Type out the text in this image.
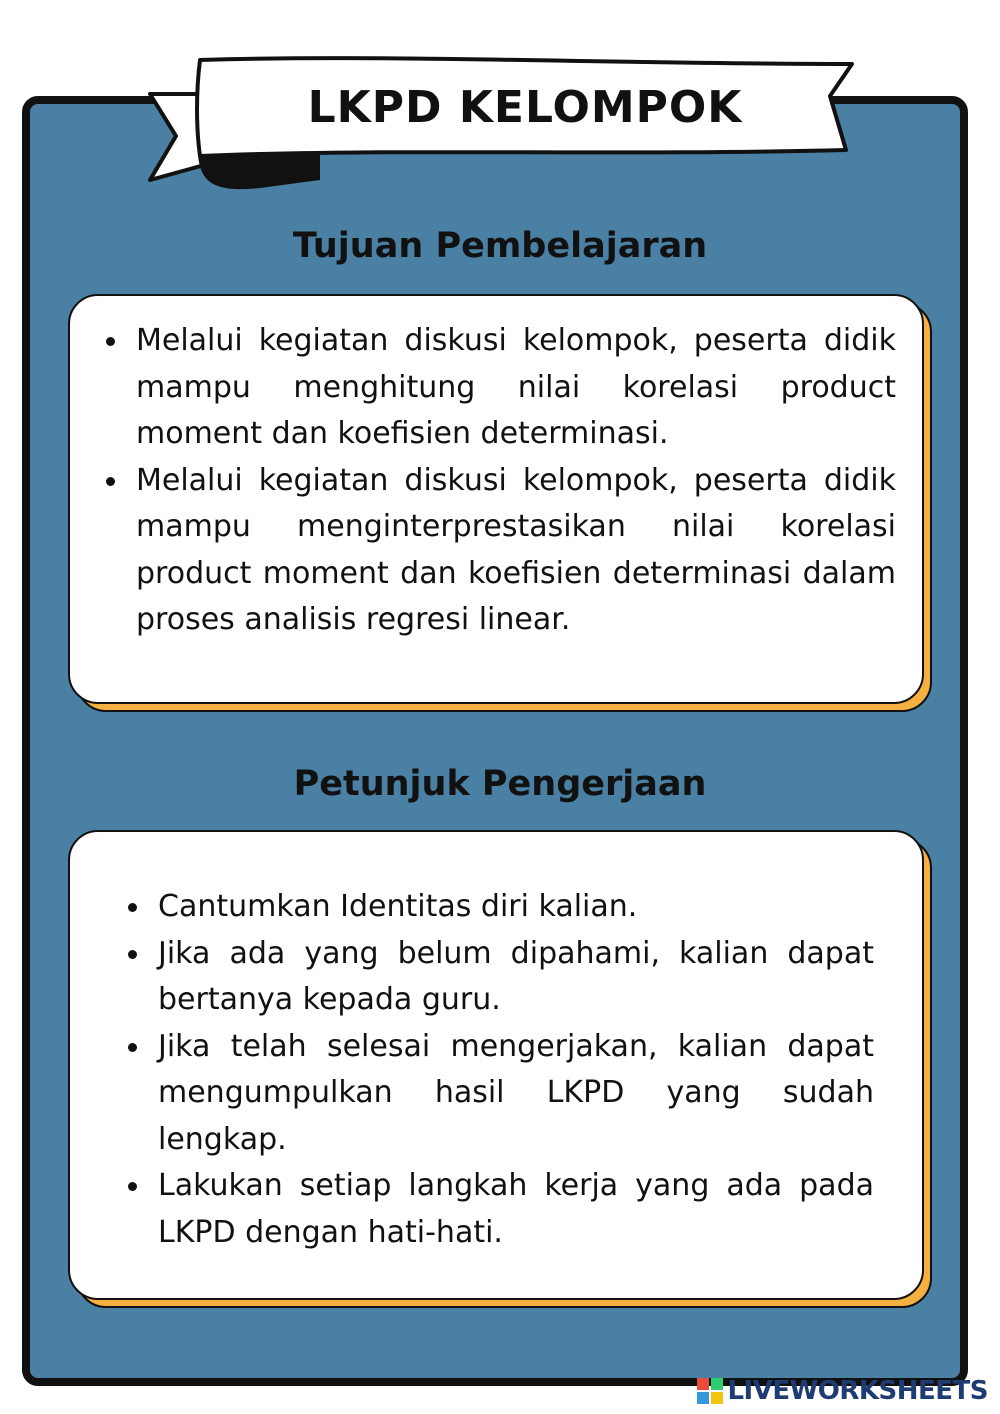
LKPD KELOMPOK
Tujuan Pembelajaran
Melalui kegiatan diskusi kelompok, peserta didik mampu menghitung nilai korelasi product moment dan koefisien determinasi.
Melalui kegiatan diskusi kelompok, peserta didik mampu menginterprestasikan nilai korelasi product moment dan koefisien determinasi dalam proses analisis regresi linear.
Petunjuk Pengerjaan
Cantumkan Identitas diri kalian.
Jika ada yang belum dipahami, kalian dapat bertanya kepada guru.
Jika telah selesai mengerjakan, kalian dapat mengumpulkan hasil LKPD yang sudah lengkap.
Lakukan setiap langkah kerja yang ada pada LKPD dengan hati-hati.
LIVEWORKSHEETS
